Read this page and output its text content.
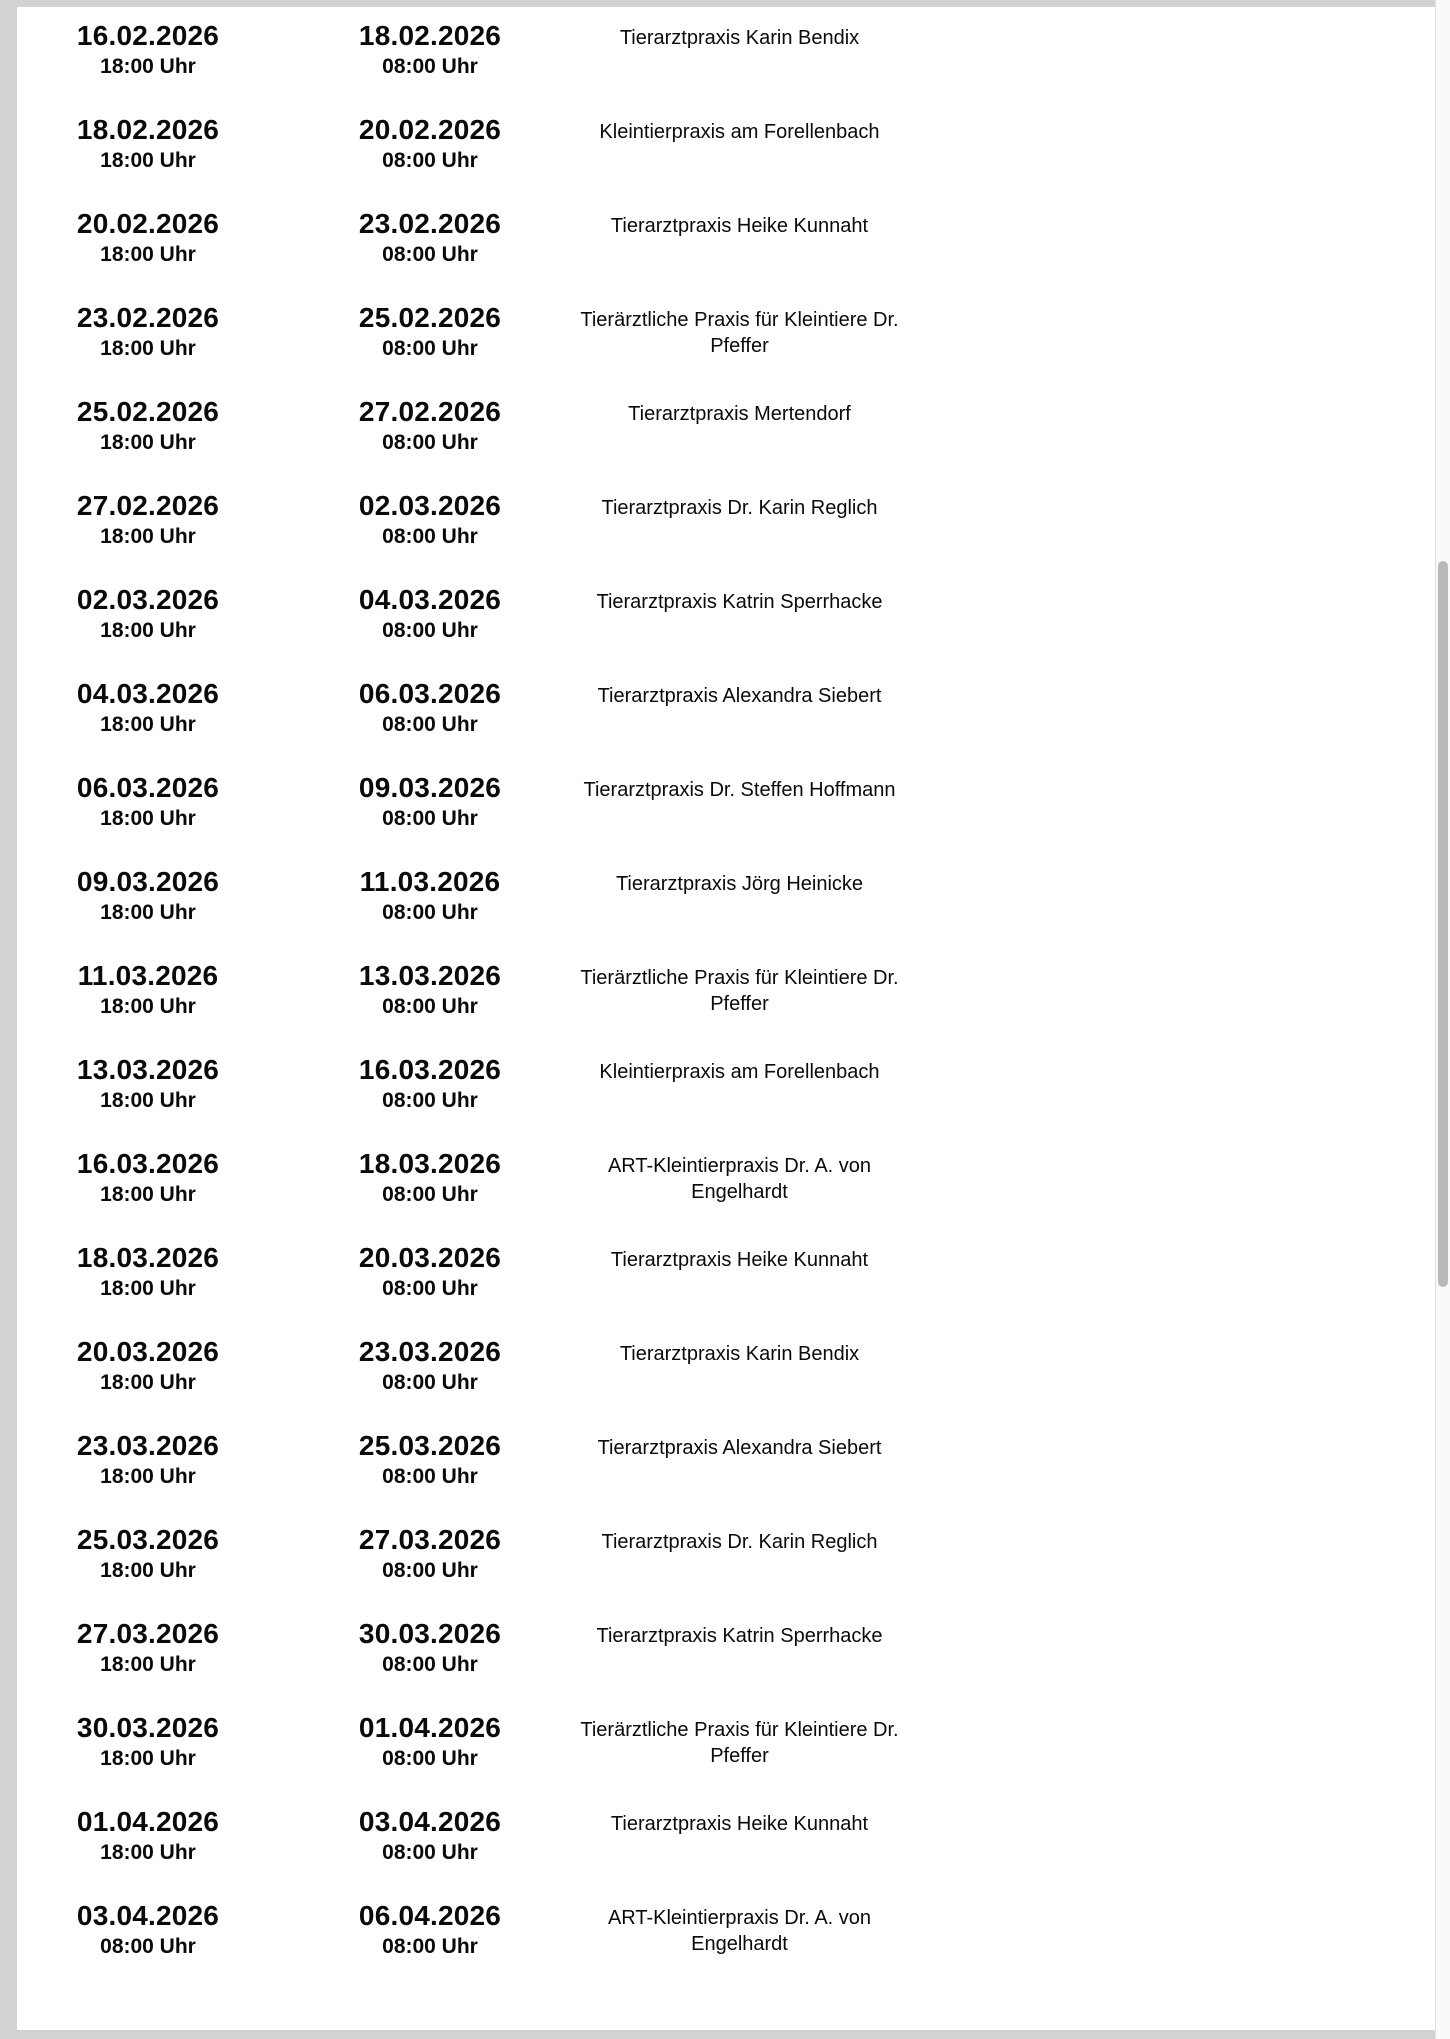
16.02.2026
18:00 Uhr
18.02.2026
08:00 Uhr
Tierarztpraxis Karin Bendix
18.02.2026
18:00 Uhr
20.02.2026
08:00 Uhr
Kleintierpraxis am Forellenbach
20.02.2026
18:00 Uhr
23.02.2026
08:00 Uhr
Tierarztpraxis Heike Kunnaht
23.02.2026
18:00 Uhr
25.02.2026
08:00 Uhr
Tierärztliche Praxis für Kleintiere Dr. Pfeffer
25.02.2026
18:00 Uhr
27.02.2026
08:00 Uhr
Tierarztpraxis Mertendorf
27.02.2026
18:00 Uhr
02.03.2026
08:00 Uhr
Tierarztpraxis Dr. Karin Reglich
02.03.2026
18:00 Uhr
04.03.2026
08:00 Uhr
Tierarztpraxis Katrin Sperrhacke
04.03.2026
18:00 Uhr
06.03.2026
08:00 Uhr
Tierarztpraxis Alexandra Siebert
06.03.2026
18:00 Uhr
09.03.2026
08:00 Uhr
Tierarztpraxis Dr. Steffen Hoffmann
09.03.2026
18:00 Uhr
11.03.2026
08:00 Uhr
Tierarztpraxis Jörg Heinicke
11.03.2026
18:00 Uhr
13.03.2026
08:00 Uhr
Tierärztliche Praxis für Kleintiere Dr. Pfeffer
13.03.2026
18:00 Uhr
16.03.2026
08:00 Uhr
Kleintierpraxis am Forellenbach
16.03.2026
18:00 Uhr
18.03.2026
08:00 Uhr
ART-Kleintierpraxis Dr. A. von Engelhardt
18.03.2026
18:00 Uhr
20.03.2026
08:00 Uhr
Tierarztpraxis Heike Kunnaht
20.03.2026
18:00 Uhr
23.03.2026
08:00 Uhr
Tierarztpraxis Karin Bendix
23.03.2026
18:00 Uhr
25.03.2026
08:00 Uhr
Tierarztpraxis Alexandra Siebert
25.03.2026
18:00 Uhr
27.03.2026
08:00 Uhr
Tierarztpraxis Dr. Karin Reglich
27.03.2026
18:00 Uhr
30.03.2026
08:00 Uhr
Tierarztpraxis Katrin Sperrhacke
30.03.2026
18:00 Uhr
01.04.2026
08:00 Uhr
Tierärztliche Praxis für Kleintiere Dr. Pfeffer
01.04.2026
18:00 Uhr
03.04.2026
08:00 Uhr
Tierarztpraxis Heike Kunnaht
03.04.2026
08:00 Uhr
06.04.2026
08:00 Uhr
ART-Kleintierpraxis Dr. A. von Engelhardt
